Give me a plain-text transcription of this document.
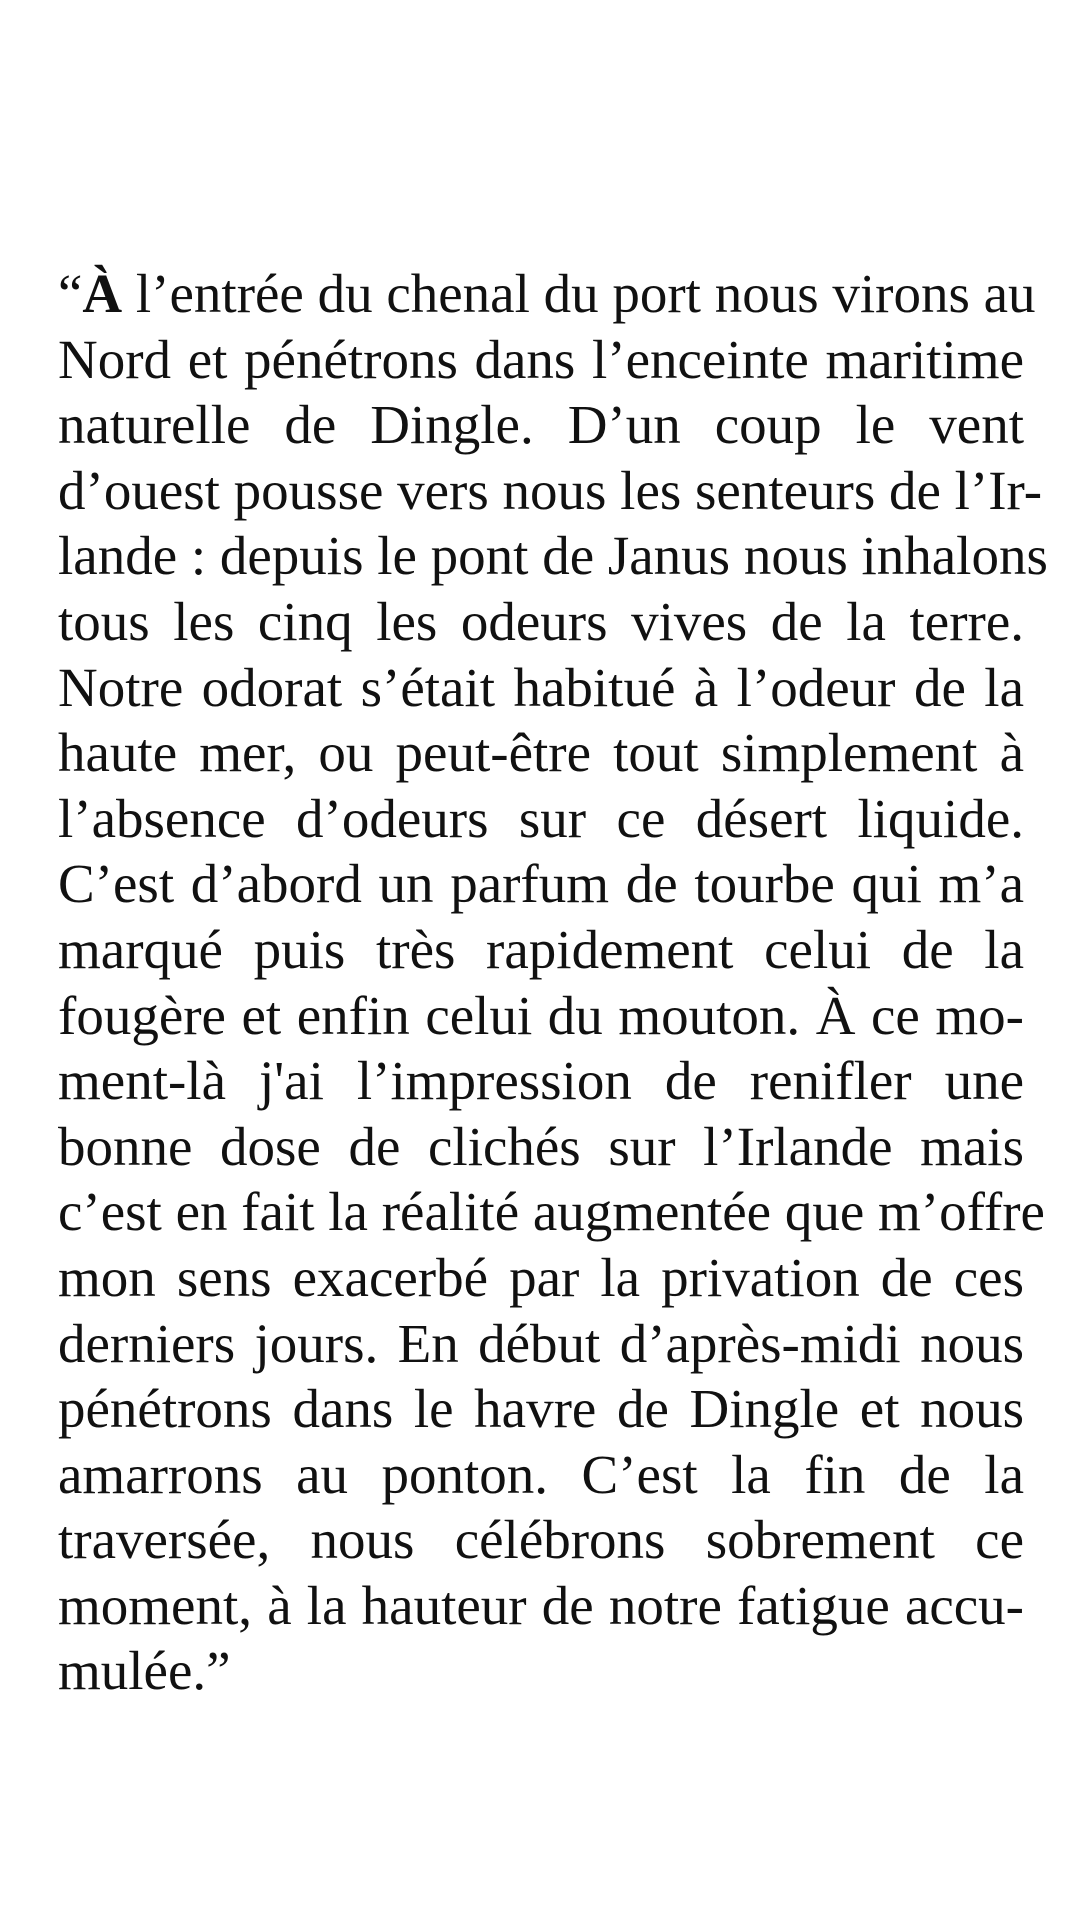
“À l’entrée du chenal du port nous virons au
Nord et pénétrons dans l’enceinte maritime
naturelle de Dingle. D’un coup le vent
d’ouest pousse vers nous les senteurs de l’Ir-
lande : depuis le pont de Janus nous inhalons
tous les cinq les odeurs vives de la terre.
Notre odorat s’était habitué à l’odeur de la
haute mer, ou peut-être tout simplement à
l’absence d’odeurs sur ce désert liquide.
C’est d’abord un parfum de tourbe qui m’a
marqué puis très rapidement celui de la
fougère et enfin celui du mouton. À ce mo-
ment-là j'ai l’impression de renifler une
bonne dose de clichés sur l’Irlande mais
c’est en fait la réalité augmentée que m’offre
mon sens exacerbé par la privation de ces
derniers jours. En début d’après-midi nous
pénétrons dans le havre de Dingle et nous
amarrons au ponton. C’est la fin de la
traversée, nous célébrons sobrement ce
moment, à la hauteur de notre fatigue accu-
mulée.”
